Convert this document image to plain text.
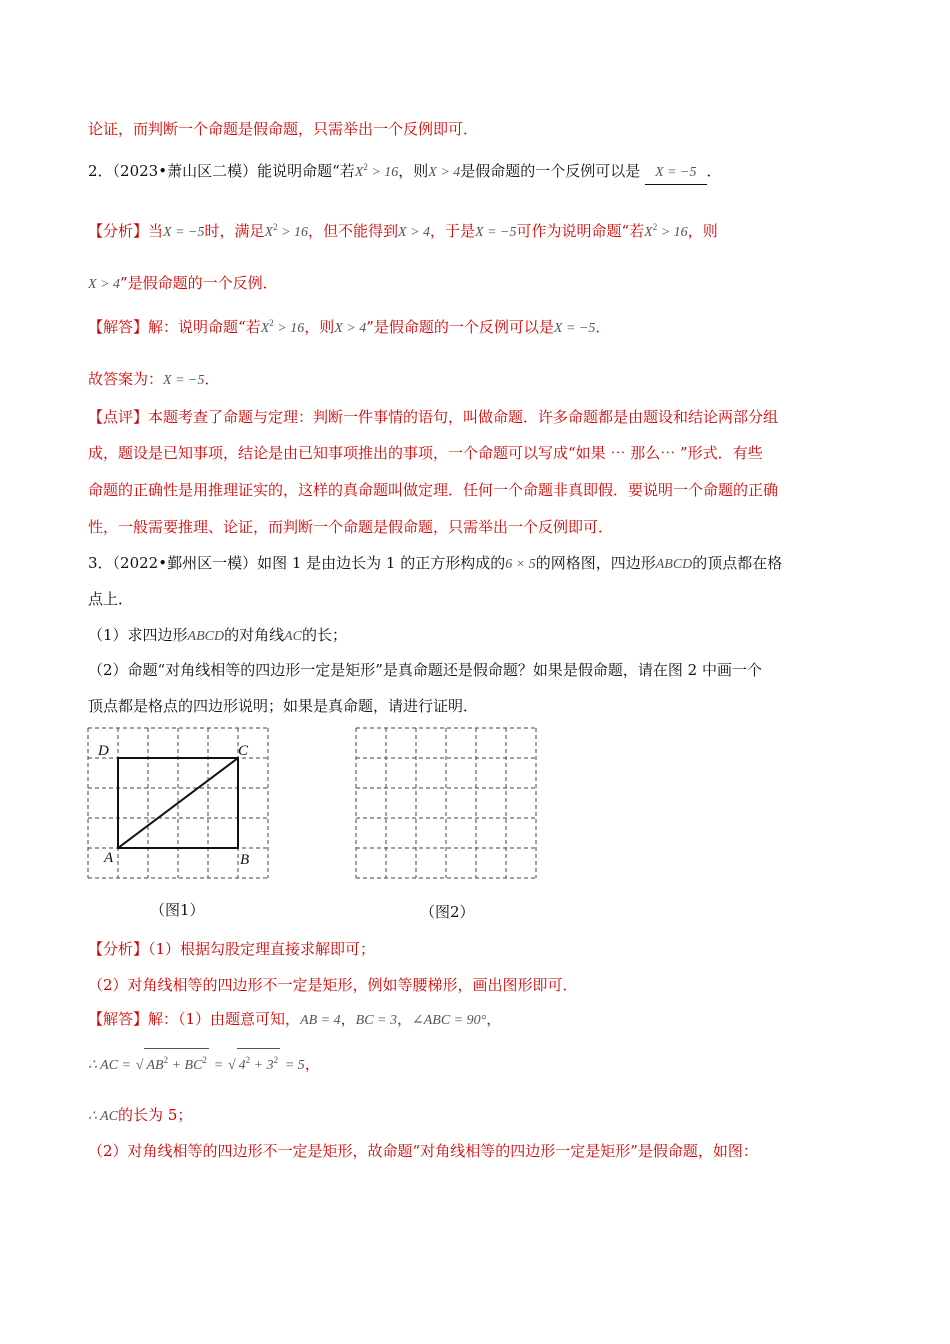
论证，而判断一个命题是假命题，只需举出一个反例即可．
2．（2023•萧山区二模）能说明命题“若$X^2 > 16$，则X > 4是假命题的一个反例可以是 X = −5 ．
【分析】当X = −5时，满足$X^2 > 16$，但不能得到X > 4，于是X = −5可作为说明命题“若$X^2 > 16$，则
X > 4”是假命题的一个反例．
【解答】解：说明命题“若$X^2 > 16$，则X > 4”是假命题的一个反例可以是X = −5．
故答案为：X = −5．
【点评】本题考查了命题与定理：判断一件事情的语句，叫做命题．许多命题都是由题设和结论两部分组
成，题设是已知事项，结论是由已知事项推出的事项，一个命题可以写成“如果 ⋯ 那么⋯ ”形式．有些
命题的正确性是用推理证实的，这样的真命题叫做定理．任何一个命题非真即假．要说明一个命题的正确
性，一般需要推理、论证，而判断一个命题是假命题，只需举出一个反例即可．
3．（2022•鄞州区一模）如图 1 是由边长为 1 的正方形构成的6 × 5的网格图，四边形ABCD的顶点都在格
点上．
（1）求四边形ABCD的对角线AC的长；
（2）命题“对角线相等的四边形一定是矩形”是真命题还是假命题？如果是假命题，请在图 2 中画一个
顶点都是格点的四边形说明；如果是真命题，请进行证明．
D	C
A	B
（图1）	（图2）
【分析】（1）根据勾股定理直接求解即可；
（2）对角线相等的四边形不一定是矩形，例如等腰梯形，画出图形即可．
【解答】解：（1）由题意可知，AB = 4，BC = 3，∠ABC = 90°，
∴ AC = √ $AB^2 + BC^2$ = √ $4^2 + 3^2 = 5$，
∴ AC的长为 5；
（2）对角线相等的四边形不一定是矩形，故命题“对角线相等的四边形一定是矩形”是假命题，如图：
